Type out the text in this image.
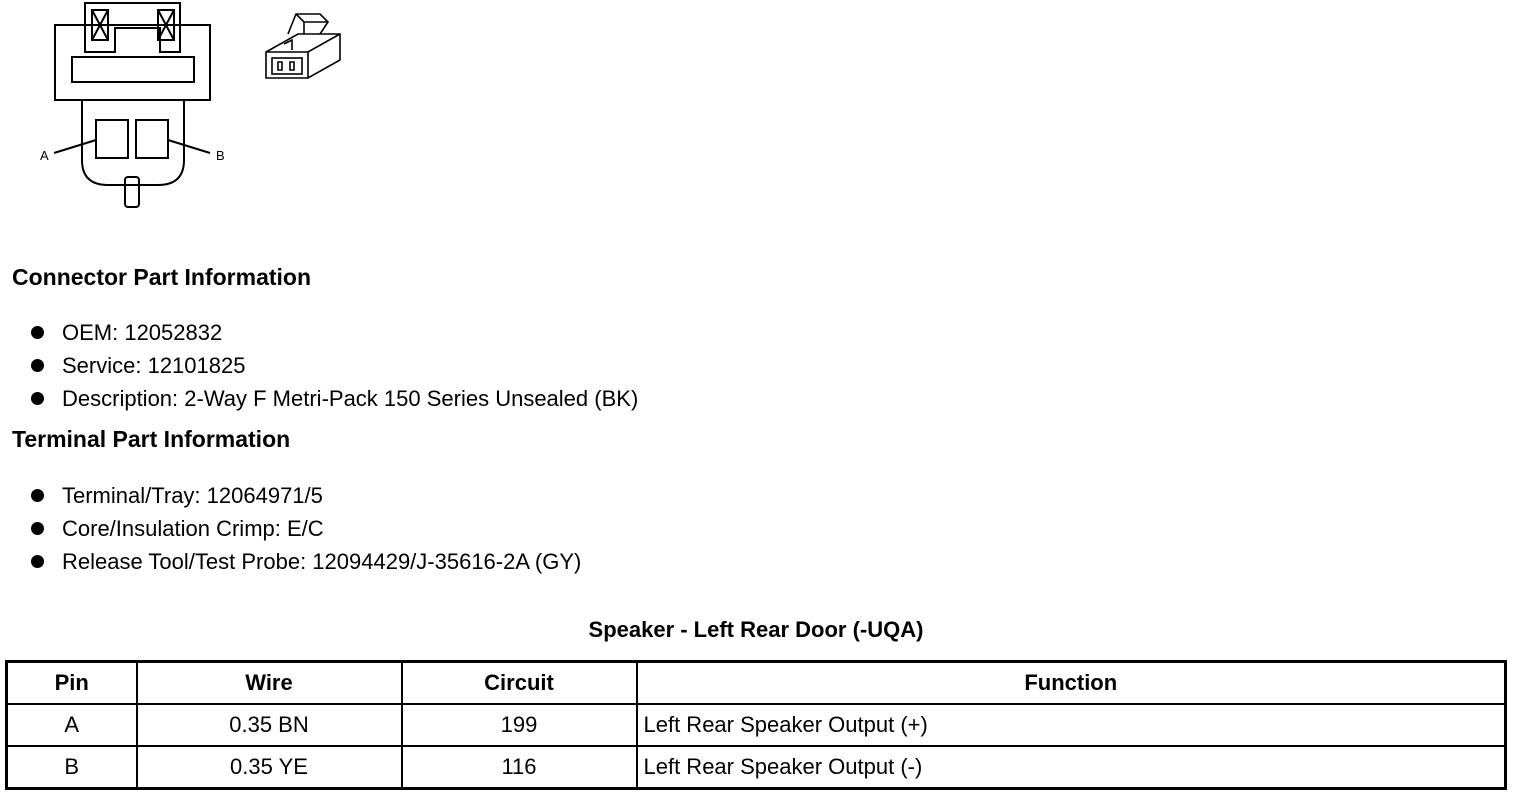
A	B
Connector Part Information
OEM: 12052832
Service: 12101825
Description: 2-Way F Metri-Pack 150 Series Unsealed (BK)
Terminal Part Information
Terminal/Tray: 12064971/5
Core/Insulation Crimp: E/C
Release Tool/Test Probe: 12094429/J-35616-2A (GY)
Speaker - Left Rear Door (-UQA)
Pin	Wire	Circuit	Function
A	0.35 BN	199	Left Rear Speaker Output (+)
B	0.35 YE	116	Left Rear Speaker Output (-)
